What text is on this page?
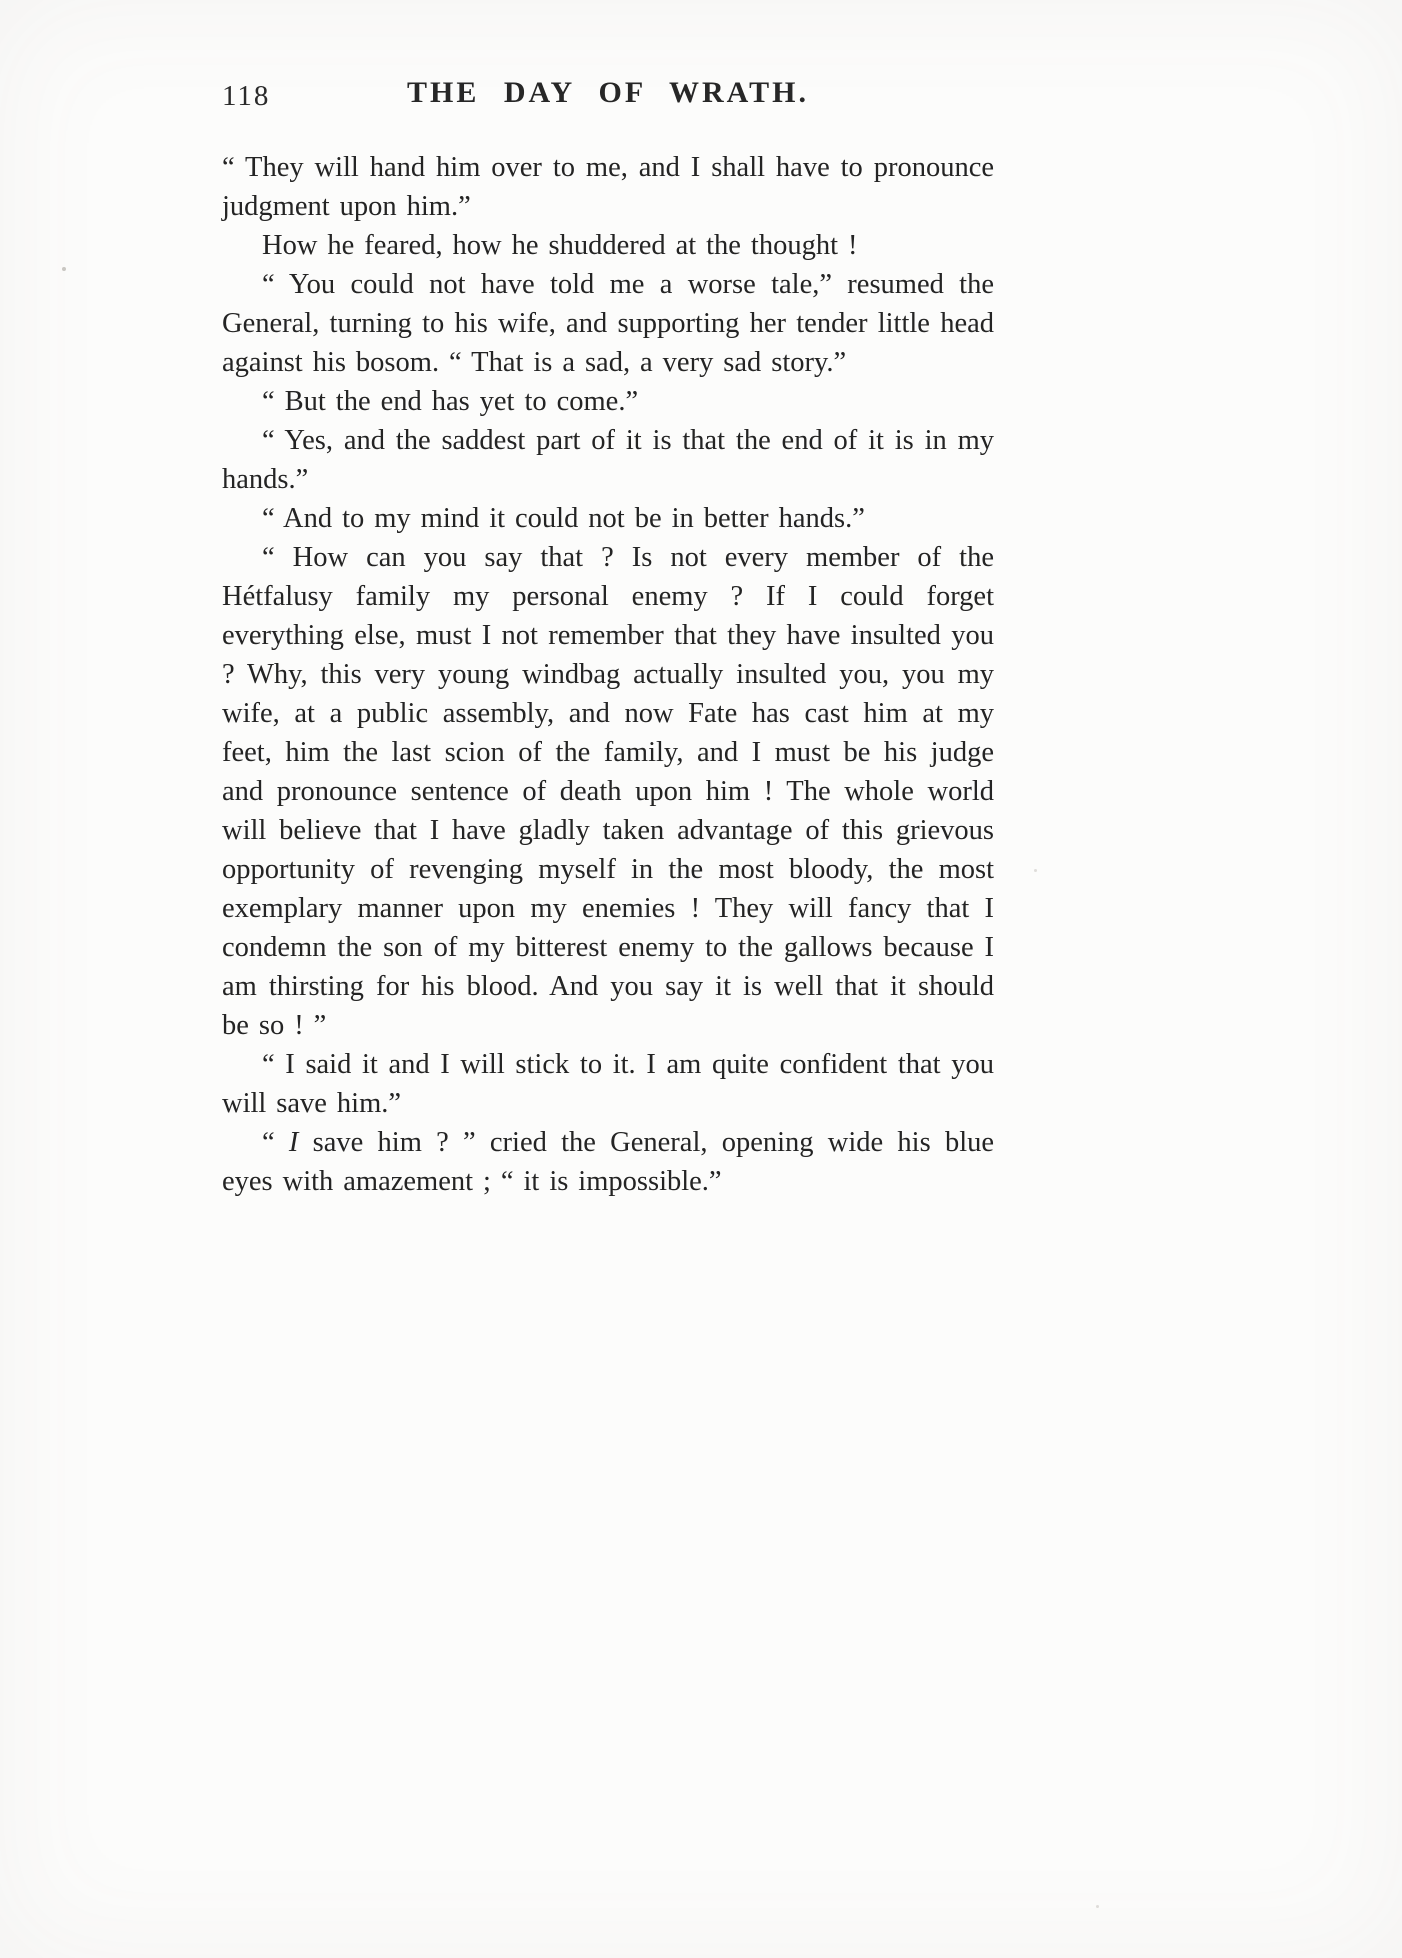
118	THE DAY OF WRATH.

“ They will hand him over to me, and I shall have to pronounce judgment upon him.”

How he feared, how he shuddered at the thought !

“ You could not have told me a worse tale,” resumed the General, turning to his wife, and supporting her tender little head against his bosom. “ That is a sad, a very sad story.”

“ But the end has yet to come.”

“ Yes, and the saddest part of it is that the end of it is in my hands.”

“ And to my mind it could not be in better hands.”

“ How can you say that ? Is not every member of the Hétfalusy family my personal enemy ? If I could forget everything else, must I not remember that they have insulted you ? Why, this very young windbag actually insulted you, you my wife, at a public assembly, and now Fate has cast him at my feet, him the last scion of the family, and I must be his judge and pronounce sentence of death upon him ! The whole world will believe that I have gladly taken advantage of this grievous opportunity of revenging myself in the most bloody, the most exemplary manner upon my enemies ! They will fancy that I condemn the son of my bitterest enemy to the gallows because I am thirsting for his blood. And you say it is well that it should be so ! ”

“ I said it and I will stick to it. I am quite confident that you will save him.”

“ I save him ? ” cried the General, opening wide his blue eyes with amazement ; “ it is impossible.”
